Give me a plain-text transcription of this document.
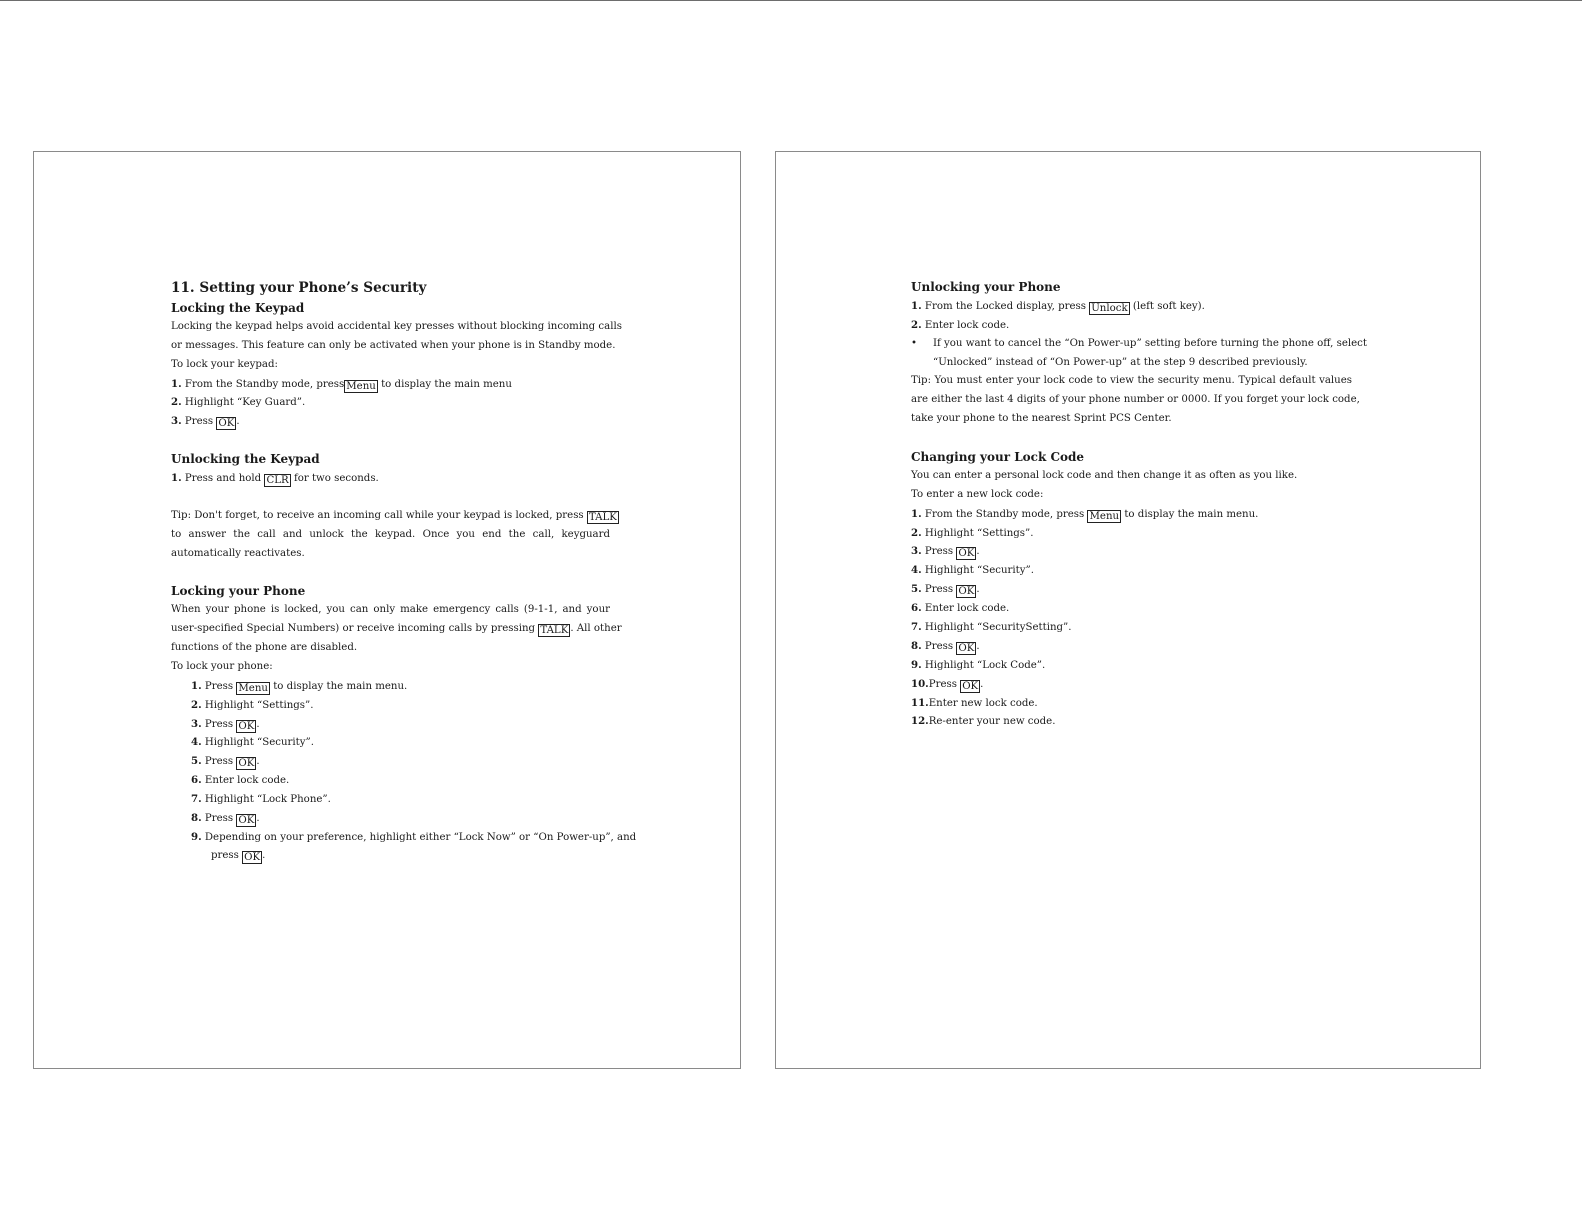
11. Setting your Phone’s Security
Locking the Keypad
Locking the keypad helps avoid accidental key presses without blocking incoming calls
or messages. This feature can only be activated when your phone is in Standby mode.
To lock your keypad:
1. From the Standby mode, press Menu to display the main menu
2. Highlight “Key Guard”.
3. Press OK .
Unlocking the Keypad
1. Press and hold CLR for two seconds.
Tip: Don't forget, to receive an incoming call while your keypad is locked, press TALK
to answer the call and unlock the keypad. Once you end the call, keyguard
automatically reactivates.
Locking your Phone
When your phone is locked, you can only make emergency calls (9-1-1, and your
user-specified Special Numbers) or receive incoming calls by pressing TALK . All other
functions of the phone are disabled.
To lock your phone:
1. Press Menu to display the main menu.
2. Highlight “Settings”.
3. Press OK .
4. Highlight “Security”.
5. Press OK .
6. Enter lock code.
7. Highlight “Lock Phone”.
8. Press OK .
9. Depending on your preference, highlight either “Lock Now” or “On Power-up”, and
press OK .
Unlocking your Phone
1. From the Locked display, press Unlock (left soft key).
2. Enter lock code.
• If you want to cancel the “On Power-up” setting before turning the phone off, select
“Unlocked” instead of “On Power-up” at the step 9 described previously.
Tip: You must enter your lock code to view the security menu. Typical default values
are either the last 4 digits of your phone number or 0000. If you forget your lock code,
take your phone to the nearest Sprint PCS Center.
Changing your Lock Code
You can enter a personal lock code and then change it as often as you like.
To enter a new lock code:
1. From the Standby mode, press Menu to display the main menu.
2. Highlight “Settings”.
3. Press OK .
4. Highlight “Security”.
5. Press OK .
6. Enter lock code.
7. Highlight “SecuritySetting”.
8. Press OK .
9. Highlight “Lock Code”.
10.Press OK .
11.Enter new lock code.
12.Re-enter your new code.
